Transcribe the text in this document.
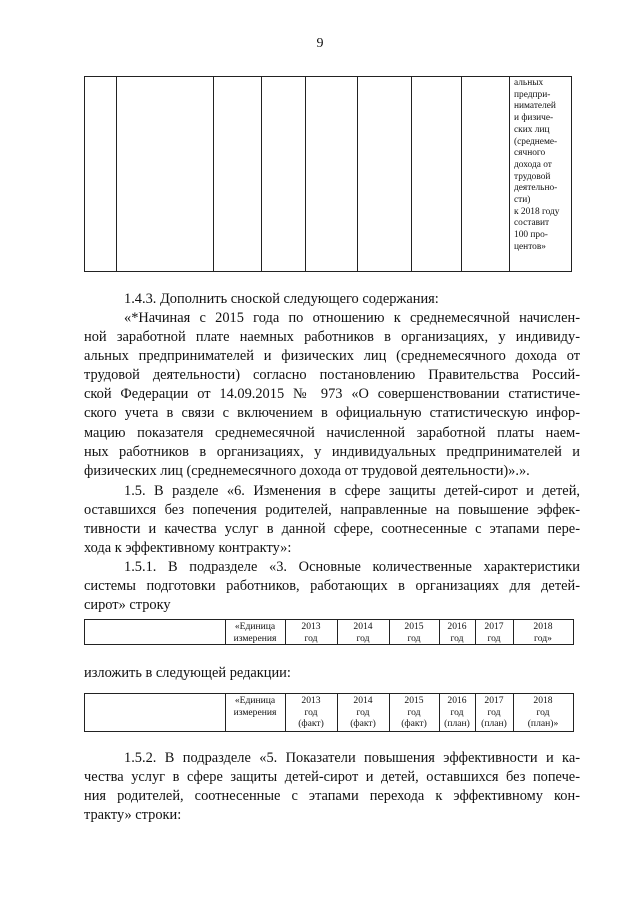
9
альных
предпри-
нимателей
и физиче-
ских лиц
(среднеме-
сячного
дохода от
трудовой
деятельно-
сти)
к 2018 году
составит
100 про-
центов»
1.4.3. Дополнить сноской следующего содержания:
«*Начиная с 2015 года по отношению к среднемесячной начислен-
ной заработной плате наемных работников в организациях, у индивиду-
альных предпринимателей и физических лиц (среднемесячного дохода от
трудовой деятельности) согласно постановлению Правительства Россий-
ской Федерации от 14.09.2015 № 973 «О совершенствовании статистиче-
ского учета в связи с включением в официальную статистическую инфор-
мацию показателя среднемесячной начисленной заработной платы наем-
ных работников в организациях, у индивидуальных предпринимателей и
физических лиц (среднемесячного дохода от трудовой деятельности)».».
1.5. В разделе «6. Изменения в сфере защиты детей-сирот и детей,
оставшихся без попечения родителей, направленные на повышение эффек-
тивности и качества услуг в данной сфере, соотнесенные с этапами пере-
хода к эффективному контракту»:
1.5.1. В подразделе «3. Основные количественные характеристики
системы подготовки работников, работающих в организациях для детей-
сирот» строку
«Единица
измерения
2013
год
2014
год
2015
год
2016
год
2017
год
2018
год»
изложить в следующей редакции:
«Единица
измерения
2013
год
(факт)
2014
год
(факт)
2015
год
(факт)
2016
год
(план)
2017
год
(план)
2018
год
(план)»
1.5.2. В подразделе «5. Показатели повышения эффективности и ка-
чества услуг в сфере защиты детей-сирот и детей, оставшихся без попече-
ния родителей, соотнесенные с этапами перехода к эффективному кон-
тракту» строки:
